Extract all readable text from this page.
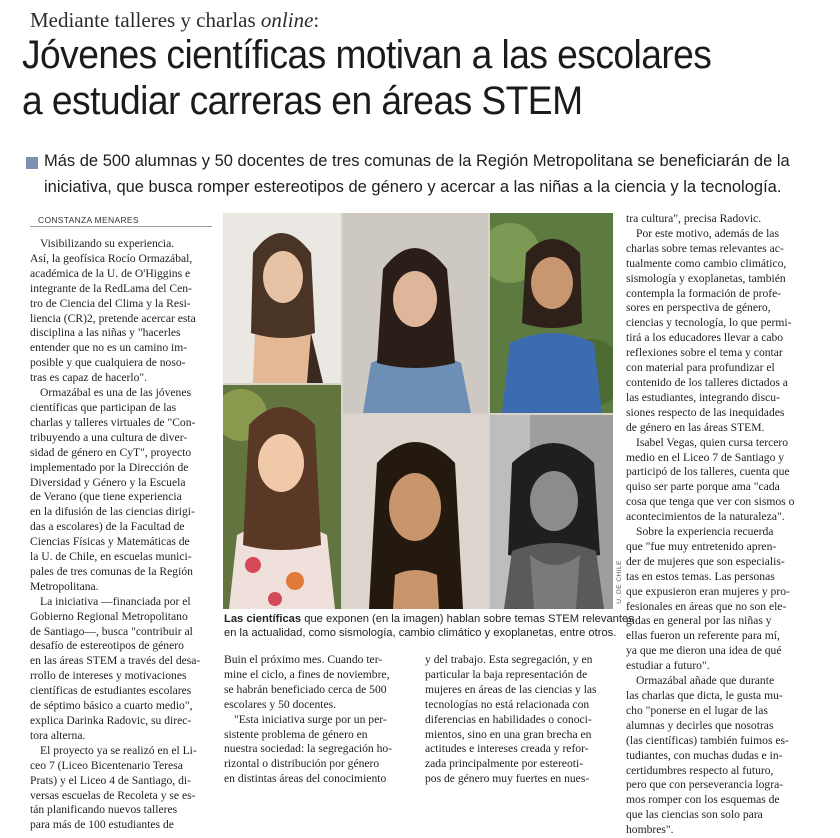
Mediante talleres y charlas online:
Jóvenes científicas motivan a las escolares
a estudiar carreras en áreas STEM
Más de 500 alumnas y 50 docentes de tres comunas de la Región Metropolitana se beneficiarán de la
iniciativa, que busca romper estereotipos de género y acercar a las niñas a la ciencia y la tecnología.
CONSTANZA MENARES
Visibilizando su experiencia.
Así, la geofísica Rocío Ormazábal,
académica de la U. de O'Higgins e
integrante de la RedLama del Cen-
tro de Ciencia del Clima y la Resi-
liencia (CR)2, pretende acercar esta
disciplina a las niñas y "hacerles
entender que no es un camino im-
posible y que cualquiera de noso-
tras es capaz de hacerlo".
Ormazábal es una de las jóvenes
científicas que participan de las
charlas y talleres virtuales de "Con-
tribuyendo a una cultura de diver-
sidad de género en CyT", proyecto
implementado por la Dirección de
Diversidad y Género y la Escuela
de Verano (que tiene experiencia
en la difusión de las ciencias dirigi-
das a escolares) de la Facultad de
Ciencias Físicas y Matemáticas de
la U. de Chile, en escuelas munici-
pales de tres comunas de la Región
Metropolitana.
La iniciativa —financiada por el
Gobierno Regional Metropolitano
de Santiago—, busca "contribuir al
desafío de estereotipos de género
en las áreas STEM a través del desa-
rrollo de intereses y motivaciones
científicas de estudiantes escolares
de séptimo básico a cuarto medio",
explica Darinka Radovic, su direc-
tora alterna.
El proyecto ya se realizó en el Li-
ceo 7 (Liceo Bicentenario Teresa
Prats) y el Liceo 4 de Santiago, di-
versas escuelas de Recoleta y se es-
tán planificando nuevos talleres
para más de 100 estudiantes de
U. DE CHILE
Las científicas que exponen (en la imagen) hablan sobre temas STEM relevantes
en la actualidad, como sismología, cambio climático y exoplanetas, entre otros.
Buin el próximo mes. Cuando ter-
mine el ciclo, a fines de noviembre,
se habrán beneficiado cerca de 500
escolares y 50 docentes.
"Esta iniciativa surge por un per-
sistente problema de género en
nuestra sociedad: la segregación ho-
rizontal o distribución por género
en distintas áreas del conocimiento
y del trabajo. Esta segregación, y en
particular la baja representación de
mujeres en áreas de las ciencias y las
tecnologías no está relacionada con
diferencias en habilidades o conoci-
mientos, sino en una gran brecha en
actitudes e intereses creada y refor-
zada principalmente por estereoti-
pos de género muy fuertes en nues-
tra cultura", precisa Radovic.
Por este motivo, además de las
charlas sobre temas relevantes ac-
tualmente como cambio climático,
sismología y exoplanetas, también
contempla la formación de profe-
sores en perspectiva de género,
ciencias y tecnología, lo que permi-
tirá a los educadores llevar a cabo
reflexiones sobre el tema y contar
con material para profundizar el
contenido de los talleres dictados a
las estudiantes, integrando discu-
siones respecto de las inequidades
de género en las áreas STEM.
Isabel Vegas, quien cursa tercero
medio en el Liceo 7 de Santiago y
participó de los talleres, cuenta que
quiso ser parte porque ama "cada
cosa que tenga que ver con sismos o
acontecimientos de la naturaleza".
Sobre la experiencia recuerda
que "fue muy entretenido apren-
der de mujeres que son especialis-
tas en estos temas. Las personas
que expusieron eran mujeres y pro-
fesionales en áreas que no son ele-
gidas en general por las niñas y
ellas fueron un referente para mí,
ya que me dieron una idea de qué
estudiar a futuro".
Ormazábal añade que durante
las charlas que dicta, le gusta mu-
cho "ponerse en el lugar de las
alumnas y decirles que nosotras
(las científicas) también fuimos es-
tudiantes, con muchas dudas e in-
certidumbres respecto al futuro,
pero que con perseverancia logra-
mos romper con los esquemas de
que las ciencias son solo para
hombres".
